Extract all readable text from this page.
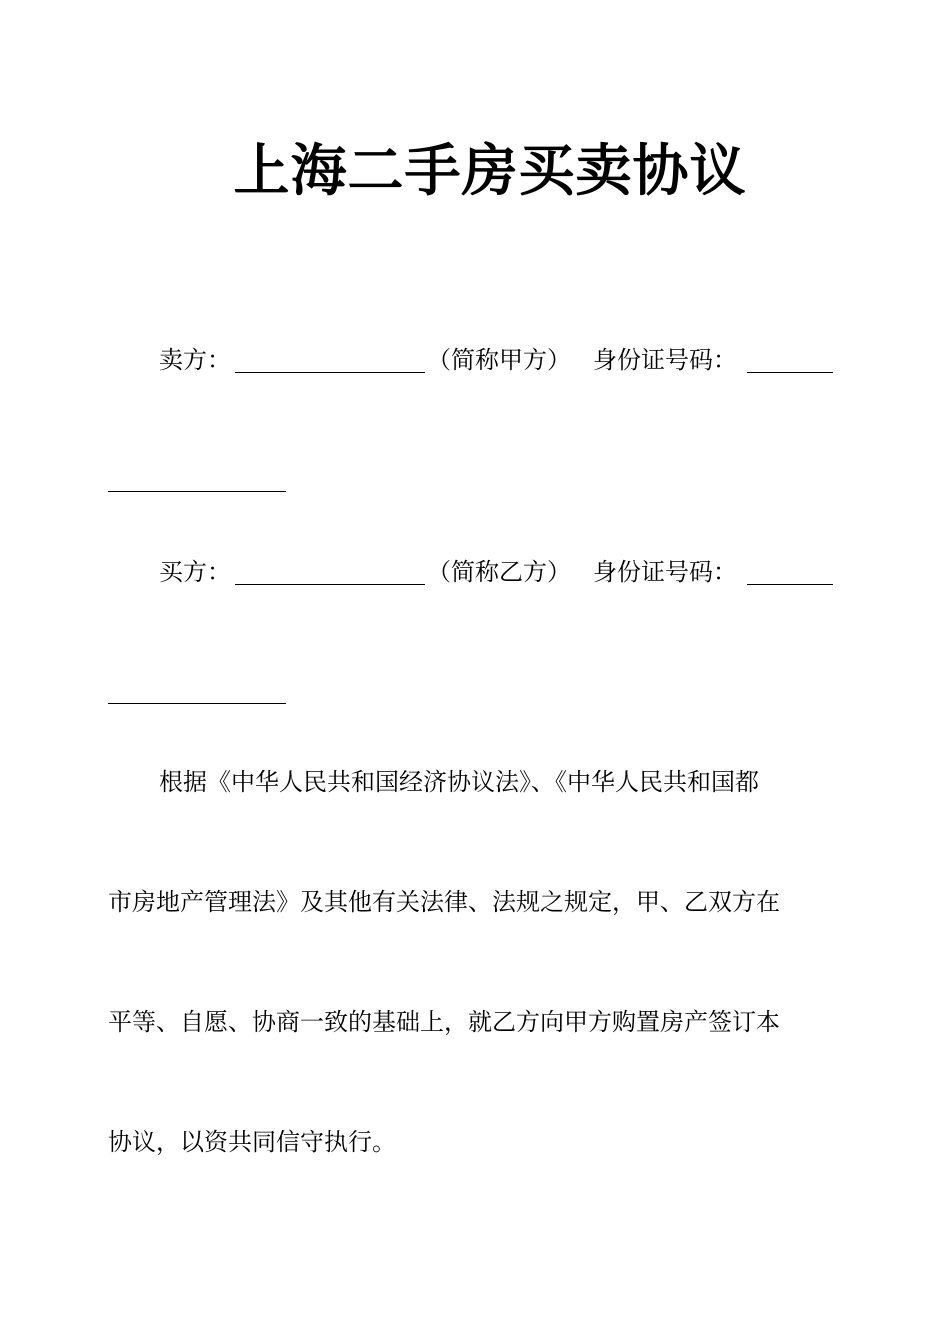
上海二手房买卖协议
卖方：	（简称甲方） 身份证号码：
买方：	（简称乙方） 身份证号码：
根据《中华人民共和国经济协议法》、《中华人民共和国都
市房地产管理法》及其他有关法律、法规之规定，甲、乙双方在
平等、自愿、协商一致的基础上，就乙方向甲方购置房产签订本
协议，以资共同信守执行。
